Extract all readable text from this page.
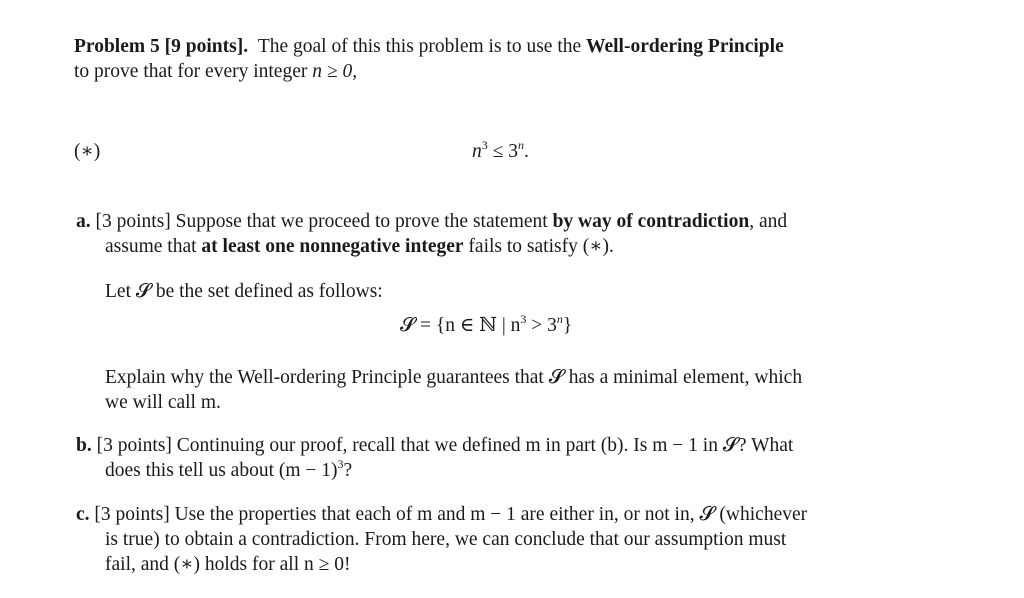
Problem 5 [9 points]. The goal of this this problem is to use the Well-ordering Principle
to prove that for every integer n ≥ 0,
(∗)	$n^3 \le 3^n$.
a. [3 points] Suppose that we proceed to prove the statement by way of contradiction, and
assume that at least one nonnegative integer fails to satisfy (∗).
Let 𝓢 be the set defined as follows:
𝓢 = {n ∈ ℕ | $n^3 > 3^n$}
Explain why the Well-ordering Principle guarantees that 𝓢 has a minimal element, which
we will call m.
b. [3 points] Continuing our proof, recall that we defined m in part (b). Is m − 1 in 𝓢? What
does this tell us about $(m - 1)^3$?
c. [3 points] Use the properties that each of m and m − 1 are either in, or not in, 𝓢 (whichever
is true) to obtain a contradiction. From here, we can conclude that our assumption must
fail, and (∗) holds for all n ≥ 0!
